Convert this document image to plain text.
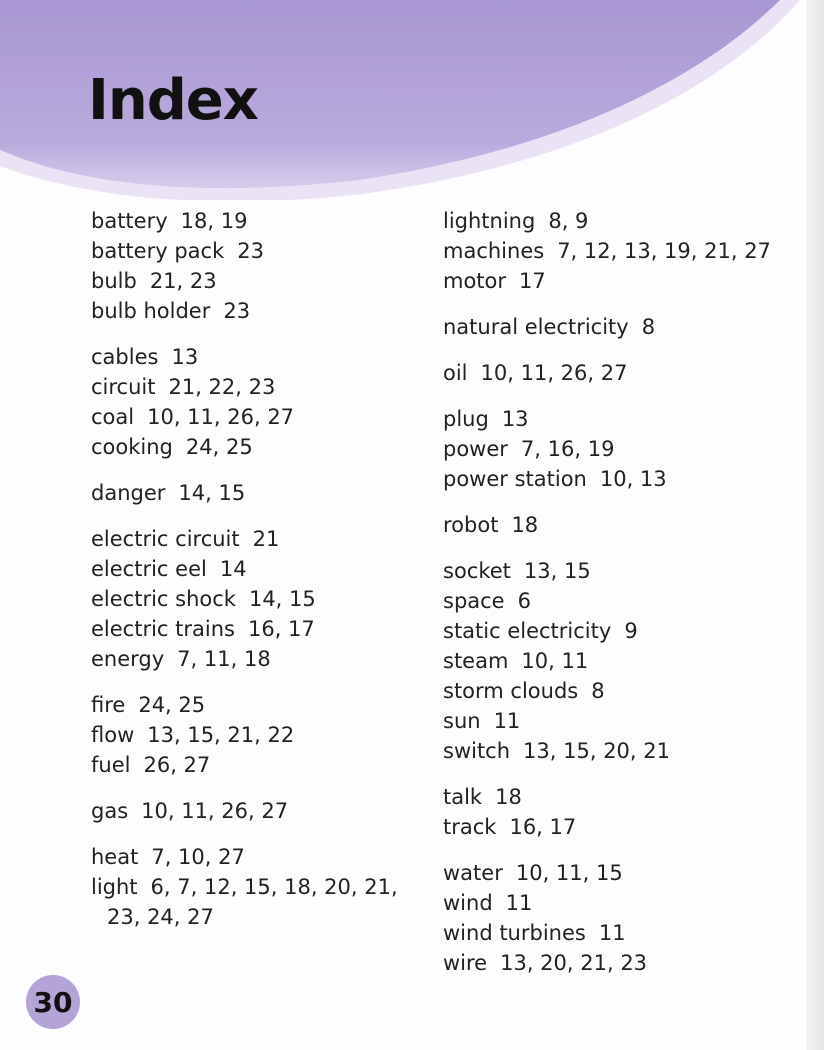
Index
battery 18, 19
battery pack 23
bulb 21, 23
bulb holder 23
cables 13
circuit 21, 22, 23
coal 10, 11, 26, 27
cooking 24, 25
danger 14, 15
electric circuit 21
electric eel 14
electric shock 14, 15
electric trains 16, 17
energy 7, 11, 18
fire 24, 25
flow 13, 15, 21, 22
fuel 26, 27
gas 10, 11, 26, 27
heat 7, 10, 27
light 6, 7, 12, 15, 18, 20, 21,
23, 24, 27
lightning 8, 9
machines 7, 12, 13, 19, 21, 27
motor 17
natural electricity 8
oil 10, 11, 26, 27
plug 13
power 7, 16, 19
power station 10, 13
robot 18
socket 13, 15
space 6
static electricity 9
steam 10, 11
storm clouds 8
sun 11
switch 13, 15, 20, 21
talk 18
track 16, 17
water 10, 11, 15
wind 11
wind turbines 11
wire 13, 20, 21, 23
30
